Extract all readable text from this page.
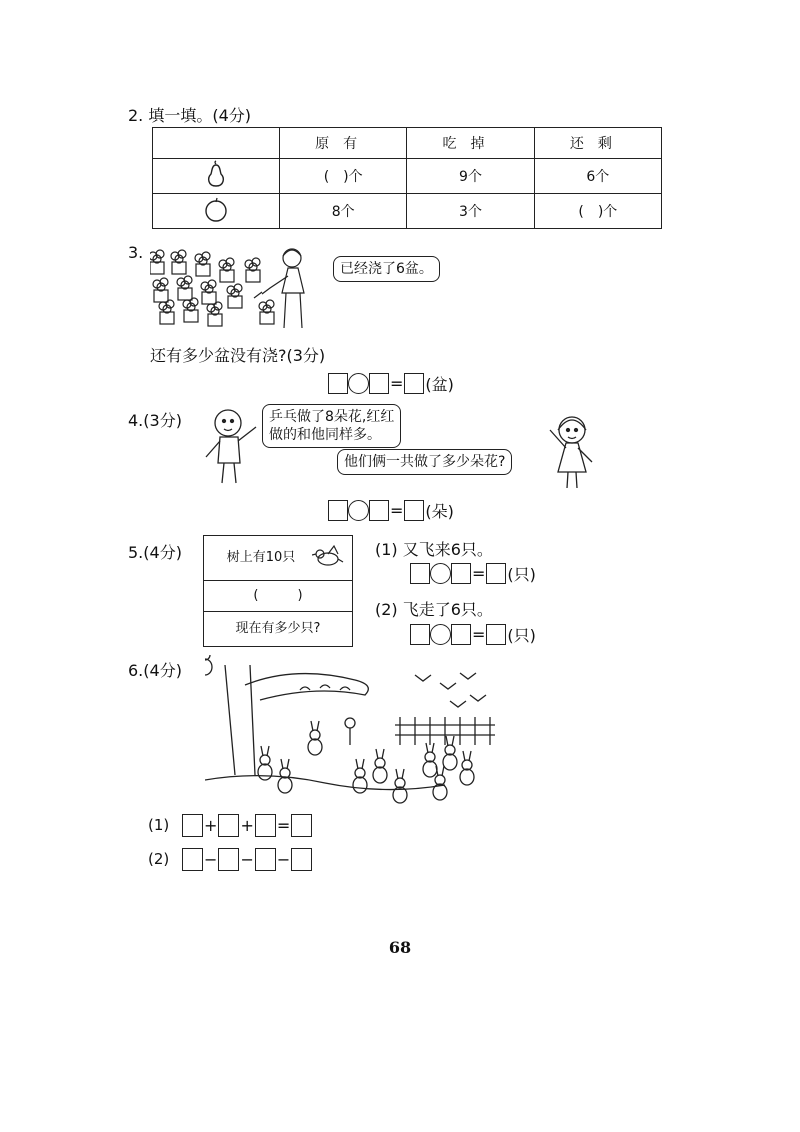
2. 填一填。(4分)
	原有	吃掉	还剩
	(　)个	9个	6个
	8个	3个	(　)个
3.
已经浇了6盆。
还有多少盆没有浇?(3分)
= (盆)
4.(3分)	乒乓做了8朵花,红红
做的和他同样多。
他们俩一共做了多少朵花?
= (朵)
5.(4分)	树上有10只
(　　　)
现在有多少只?
(1) 又飞来6只。
= (只)
(2) 飞走了6只。
= (只)
6.(4分)
(1) + + =
(2) − − −
68
